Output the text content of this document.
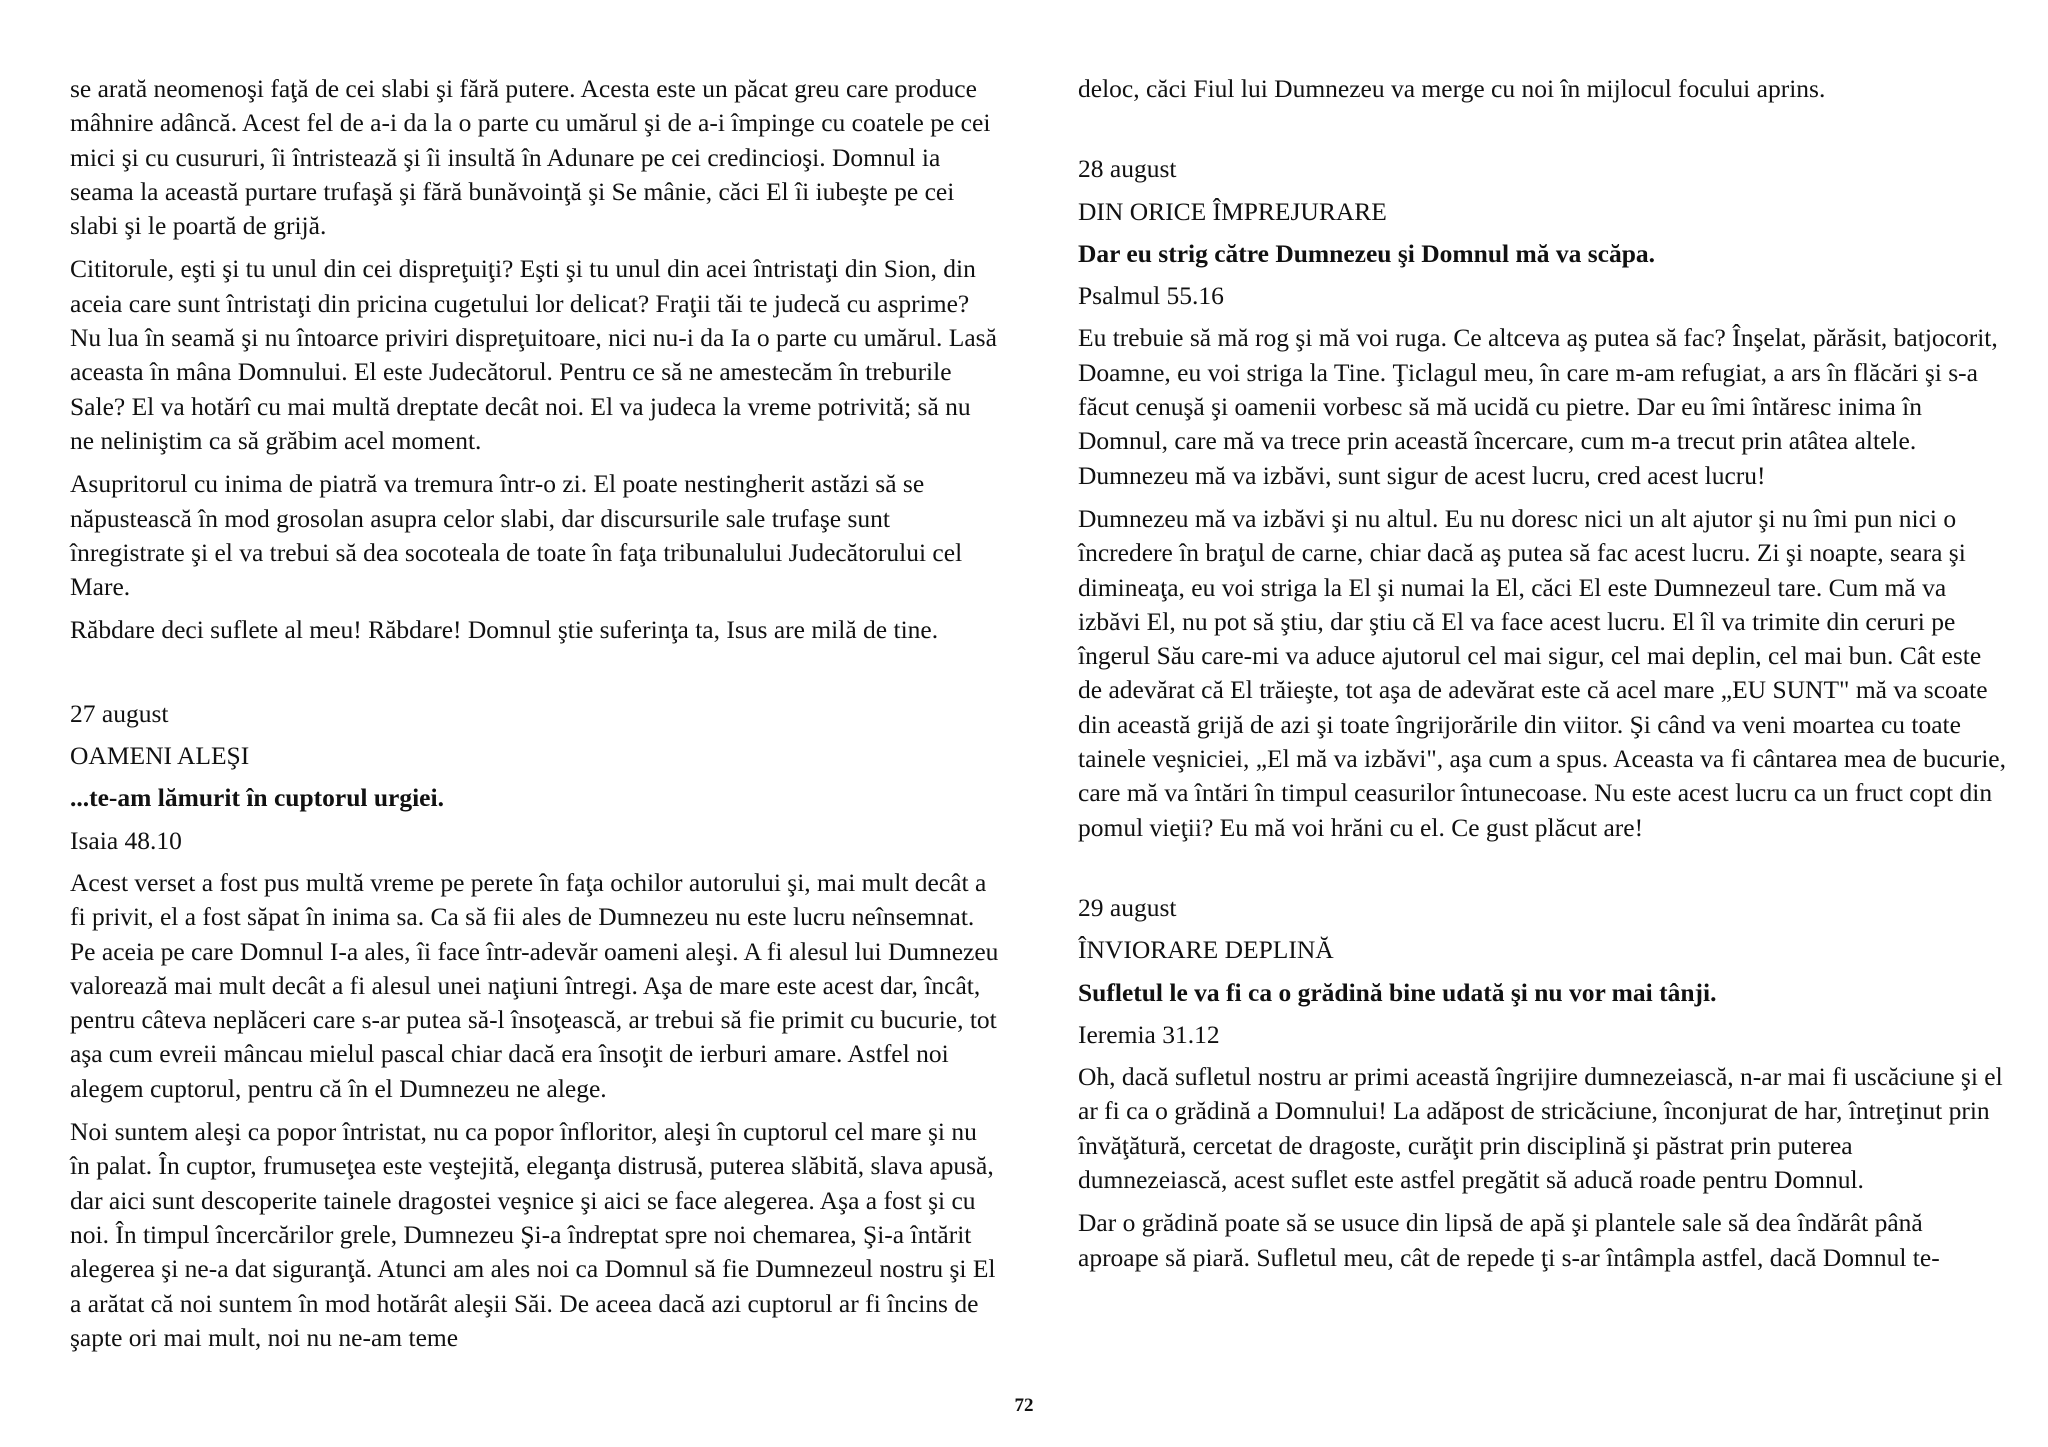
se arată neomenoşi faţă de cei slabi şi fără putere. Acesta este un păcat greu care produce mâhnire adâncă. Acest fel de a-i da la o parte cu umărul şi de a-i împinge cu coatele pe cei mici şi cu cusururi, îi întristează şi îi insultă în Adunare pe cei credincioşi. Domnul ia seama la această purtare trufaşă şi fără bunăvoinţă şi Se mânie, căci El îi iubeşte pe cei slabi şi le poartă de grijă.

Cititorule, eşti şi tu unul din cei dispreţuiţi? Eşti şi tu unul din acei întristaţi din Sion, din aceia care sunt întristaţi din pricina cugetului lor delicat? Fraţii tăi te judecă cu asprime? Nu lua în seamă şi nu întoarce priviri dispreţuitoare, nici nu-i da Ia o parte cu umărul. Lasă aceasta în mâna Domnului. El este Judecătorul. Pentru ce să ne amestecăm în treburile Sale? El va hotărî cu mai multă dreptate decât noi. El va judeca la vreme potrivită; să nu ne neliniştim ca să grăbim acel moment.

Asupritorul cu inima de piatră va tremura într-o zi. El poate nestingherit astăzi să se năpustească în mod grosolan asupra celor slabi, dar discursurile sale trufaşe sunt înregistrate şi el va trebui să dea socoteala de toate în faţa tribunalului Judecătorului cel Mare.

Răbdare deci suflete al meu! Răbdare! Domnul ştie suferinţa ta, Isus are milă de tine.

27 august

OAMENI ALEŞI

...te-am lămurit în cuptorul urgiei.

Isaia 48.10

Acest verset a fost pus multă vreme pe perete în faţa ochilor autorului şi, mai mult decât a fi privit, el a fost săpat în inima sa. Ca să fii ales de Dumnezeu nu este lucru neînsemnat. Pe aceia pe care Domnul I-a ales, îi face într-adevăr oameni aleşi. A fi alesul lui Dumnezeu valorează mai mult decât a fi alesul unei naţiuni întregi. Aşa de mare este acest dar, încât, pentru câteva neplăceri care s-ar putea să-l însoţească, ar trebui să fie primit cu bucurie, tot aşa cum evreii mâncau mielul pascal chiar dacă era însoţit de ierburi amare. Astfel noi alegem cuptorul, pentru că în el Dumnezeu ne alege.

Noi suntem aleşi ca popor întristat, nu ca popor înfloritor, aleşi în cuptorul cel mare şi nu în palat. În cuptor, frumuseţea este veştejită, eleganţa distrusă, puterea slăbită, slava apusă, dar aici sunt descoperite tainele dragostei veşnice şi aici se face alegerea. Aşa a fost şi cu noi. În timpul încercărilor grele, Dumnezeu Şi-a îndreptat spre noi chemarea, Şi-a întărit alegerea şi ne-a dat siguranţă. Atunci am ales noi ca Domnul să fie Dumnezeul nostru şi El a arătat că noi suntem în mod hotărât aleşii Săi. De aceea dacă azi cuptorul ar fi încins de şapte ori mai mult, noi nu ne-am teme

deloc, căci Fiul lui Dumnezeu va merge cu noi în mijlocul focului aprins.

28 august

DIN ORICE ÎMPREJURARE

Dar eu strig către Dumnezeu şi Domnul mă va scăpa.

Psalmul 55.16

Eu trebuie să mă rog şi mă voi ruga. Ce altceva aş putea să fac? Înşelat, părăsit, batjocorit, Doamne, eu voi striga la Tine. Ţiclagul meu, în care m-am refugiat, a ars în flăcări şi s-a făcut cenuşă şi oamenii vorbesc să mă ucidă cu pietre. Dar eu îmi întăresc inima în Domnul, care mă va trece prin această încercare, cum m-a trecut prin atâtea altele. Dumnezeu mă va izbăvi, sunt sigur de acest lucru, cred acest lucru!

Dumnezeu mă va izbăvi şi nu altul. Eu nu doresc nici un alt ajutor şi nu îmi pun nici o încredere în braţul de carne, chiar dacă aş putea să fac acest lucru. Zi şi noapte, seara şi dimineaţa, eu voi striga la El şi numai la El, căci El este Dumnezeul tare. Cum mă va izbăvi El, nu pot să ştiu, dar ştiu că El va face acest lucru. El îl va trimite din ceruri pe îngerul Său care-mi va aduce ajutorul cel mai sigur, cel mai deplin, cel mai bun. Cât este de adevărat că El trăieşte, tot aşa de adevărat este că acel mare „EU SUNT" mă va scoate din această grijă de azi şi toate îngrijorările din viitor. Şi când va veni moartea cu toate tainele veşniciei, „El mă va izbăvi", aşa cum a spus. Aceasta va fi cântarea mea de bucurie, care mă va întări în timpul ceasurilor întunecoase. Nu este acest lucru ca un fruct copt din pomul vieţii? Eu mă voi hrăni cu el. Ce gust plăcut are!

29 august

ÎNVIORARE DEPLINĂ

Sufletul le va fi ca o grădină bine udată şi nu vor mai tânji.

Ieremia 31.12

Oh, dacă sufletul nostru ar primi această îngrijire dumnezeiască, n-ar mai fi uscăciune şi el ar fi ca o grădină a Domnului! La adăpost de stricăciune, înconjurat de har, întreţinut prin învăţătură, cercetat de dragoste, curăţit prin disciplină şi păstrat prin puterea dumnezeiască, acest suflet este astfel pregătit să aducă roade pentru Domnul.

Dar o grădină poate să se usuce din lipsă de apă şi plantele sale să dea îndărât până aproape să piară. Sufletul meu, cât de repede ţi s-ar întâmpla astfel, dacă Domnul te-

72
